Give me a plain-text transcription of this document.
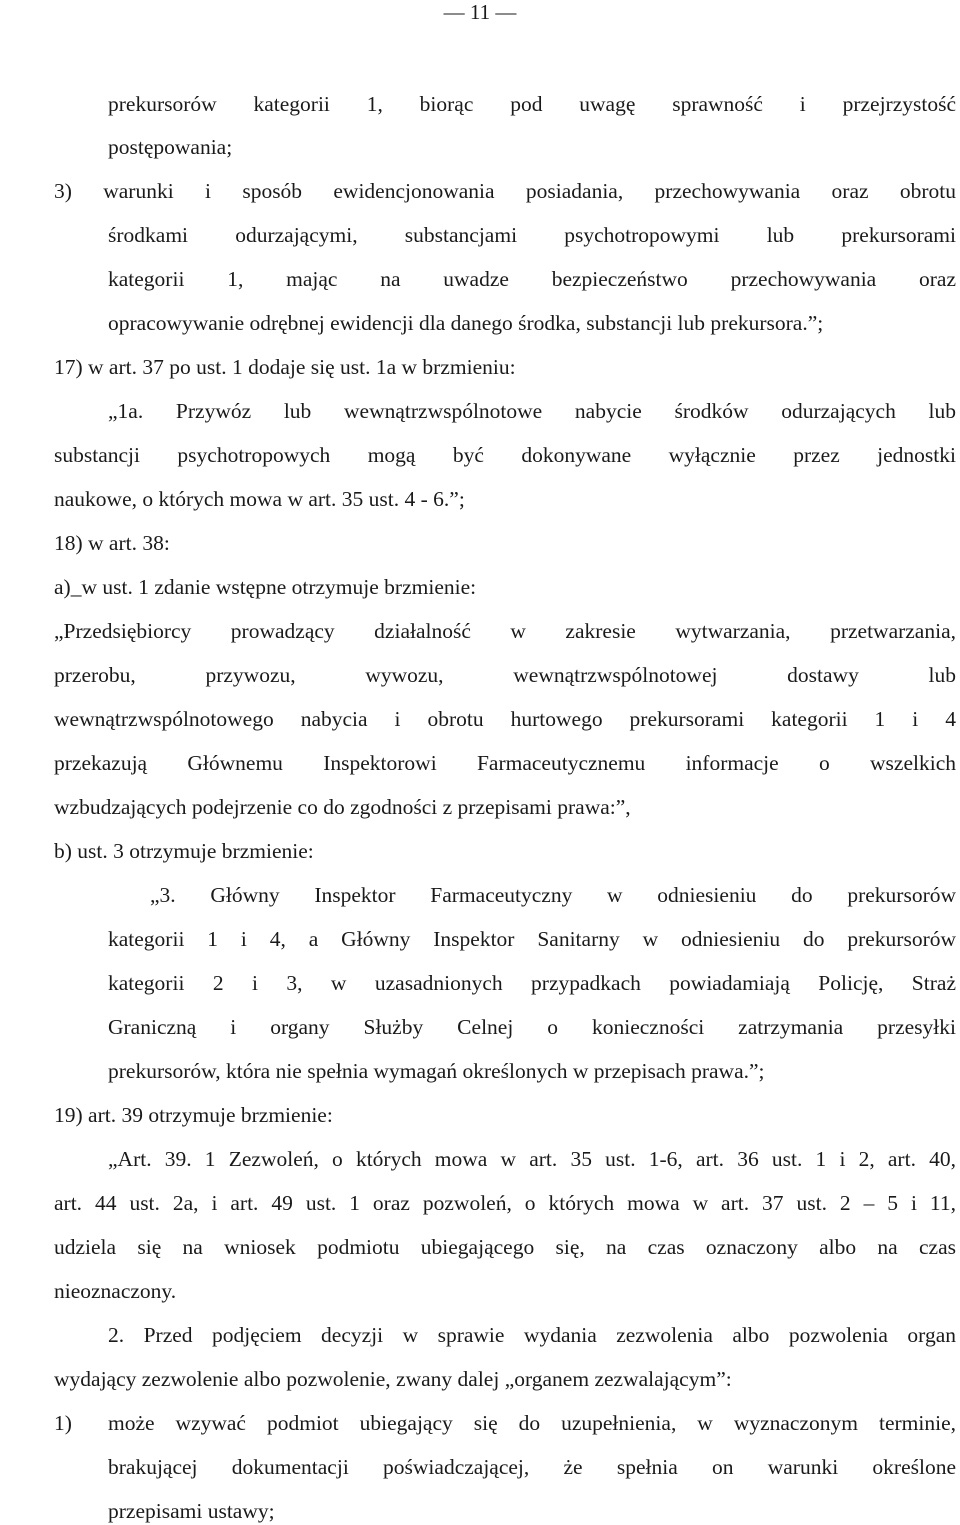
— 11 —
prekursorów kategorii 1, biorąc pod uwagę sprawność i przejrzystość
postępowania;
3) warunki i sposób ewidencjonowania posiadania, przechowywania oraz obrotu
środkami odurzającymi, substancjami psychotropowymi lub prekursorami
kategorii 1, mając na uwadze bezpieczeństwo przechowywania oraz
opracowywanie odrębnej ewidencji dla danego środka, substancji lub prekursora.”;
17) w art. 37 po ust. 1 dodaje się ust. 1a w brzmieniu:
„1a. Przywóz lub wewnątrzwspólnotowe nabycie środków odurzających lub
substancji psychotropowych mogą być dokonywane wyłącznie przez jednostki
naukowe, o których mowa w art. 35 ust. 4 - 6.”;
18) w art. 38:
a)_w ust. 1 zdanie wstępne otrzymuje brzmienie:
„Przedsiębiorcy prowadzący działalność w zakresie wytwarzania, przetwarzania,
przerobu, przywozu, wywozu, wewnątrzwspólnotowej dostawy lub
wewnątrzwspólnotowego nabycia i obrotu hurtowego prekursorami kategorii 1 i 4
przekazują Głównemu Inspektorowi Farmaceutycznemu informacje o wszelkich
wzbudzających podejrzenie co do zgodności z przepisami prawa:”,
b) ust. 3 otrzymuje brzmienie:
„3. Główny Inspektor Farmaceutyczny w odniesieniu do prekursorów
kategorii 1 i 4, a Główny Inspektor Sanitarny w odniesieniu do prekursorów
kategorii 2 i 3, w uzasadnionych przypadkach powiadamiają Policję, Straż
Graniczną i organy Służby Celnej o konieczności zatrzymania przesyłki
prekursorów, która nie spełnia wymagań określonych w przepisach prawa.”;
19) art. 39 otrzymuje brzmienie:
„Art. 39. 1 Zezwoleń, o których mowa w art. 35 ust. 1-6, art. 36 ust. 1 i 2, art. 40,
art. 44 ust. 2a, i art. 49 ust. 1 oraz pozwoleń, o których mowa w art. 37 ust. 2 – 5 i 11,
udziela się na wniosek podmiotu ubiegającego się, na czas oznaczony albo na czas
nieoznaczony.
2. Przed podjęciem decyzji w sprawie wydania zezwolenia albo pozwolenia organ
wydający zezwolenie albo pozwolenie, zwany dalej „organem zezwalającym”:
1) może wzywać podmiot ubiegający się do uzupełnienia, w wyznaczonym terminie,
brakującej dokumentacji poświadczającej, że spełnia on warunki określone
przepisami ustawy;
